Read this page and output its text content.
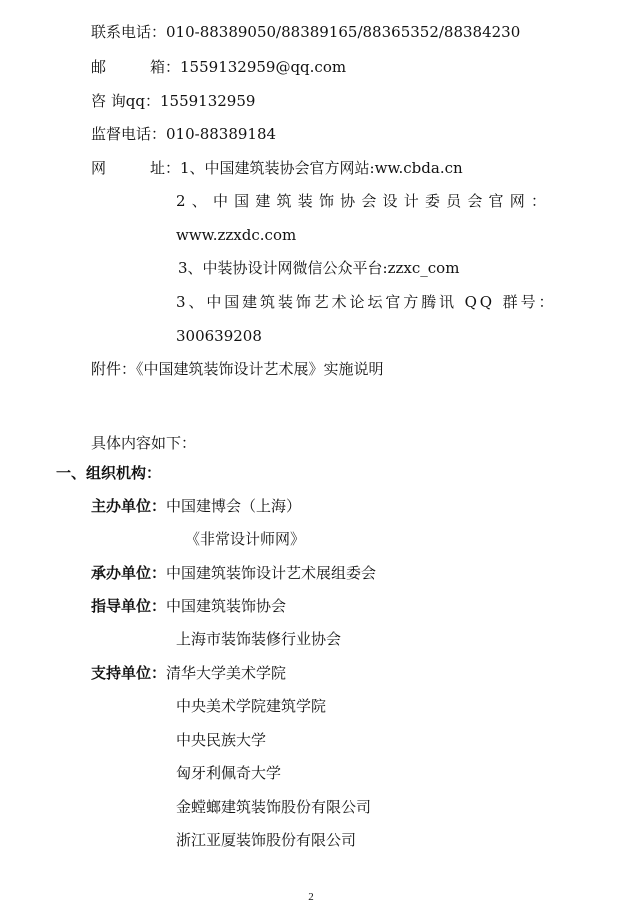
联系电话：010-88389050/88389165/88365352/88384230
邮	箱：1559132959@qq.com
咨 询qq：1559132959
监督电话：010-88389184
网	址：1、中国建筑装协会官方网站:ww.cbda.cn
2、中国建筑装饰协会设计委员会官网：
www.zzxdc.com
3、中装协设计网微信公众平台:zzxc_com
3、中国建筑装饰艺术论坛官方腾讯 QQ 群号：
300639208
附件：《中国建筑装饰设计艺术展》实施说明
具体内容如下：
一、组织机构：
主办单位：中国建博会（上海）
《非常设计师网》
承办单位：中国建筑装饰设计艺术展组委会
指导单位：中国建筑装饰协会
上海市装饰装修行业协会
支持单位：清华大学美术学院
中央美术学院建筑学院
中央民族大学
匈牙利佩奇大学
金螳螂建筑装饰股份有限公司
浙江亚厦装饰股份有限公司
2
